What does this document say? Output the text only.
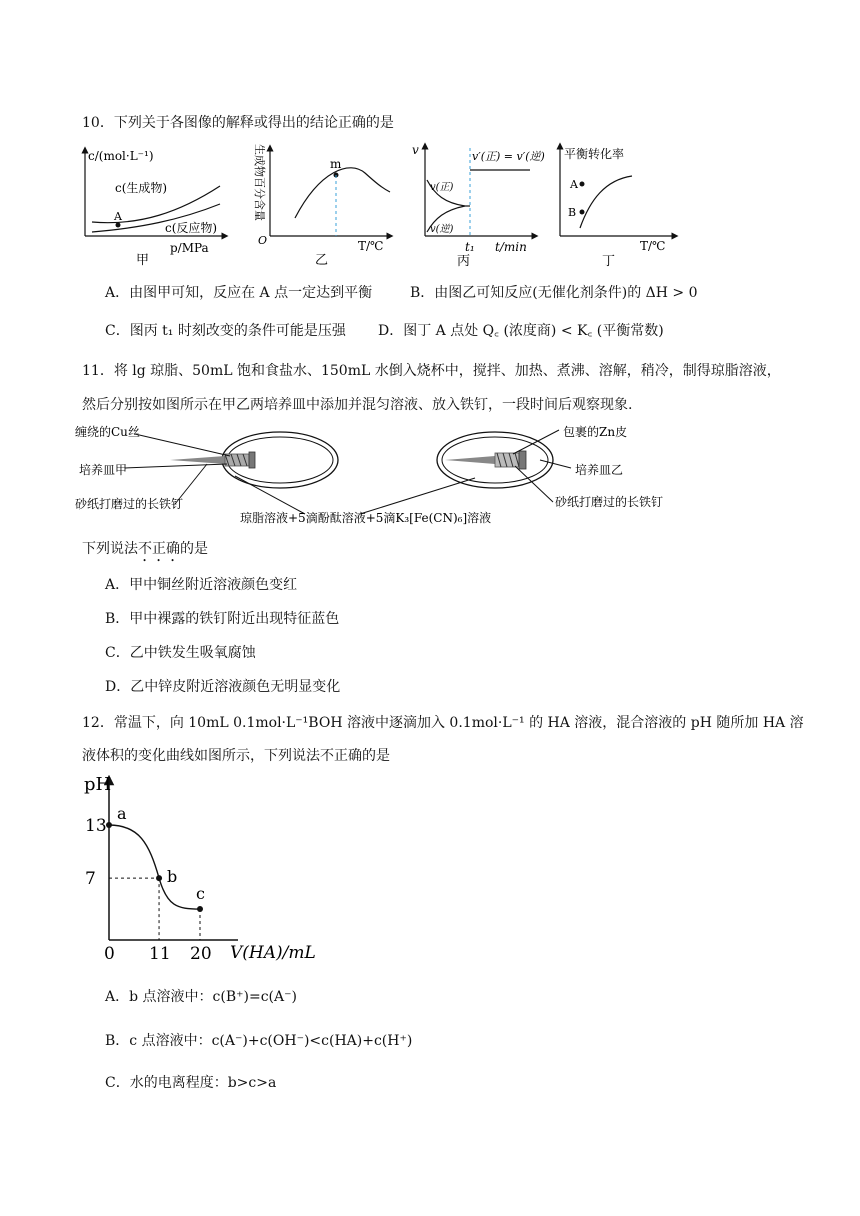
10．下列关于各图像的解释或得出的结论正确的是
c/(mol·L⁻¹)
c(生成物)
c(反应物)
A
p/MPa
甲
m
生成物百分含量
O	T/℃
乙
v	v′(正) = v′(逆)
v(正)
v(逆)
t₁ t/min
丙
平衡转化率
A
B
T/℃
丁
A．由图甲可知，反应在 A 点一定达到平衡	B．由图乙可知反应(无催化剂条件)的 ΔH > 0
C．图丙 t₁ 时刻改变的条件可能是压强 D．图丁 A 点处 Q꜀ (浓度商) < K꜀ (平衡常数)
11．将 lg 琼脂、50mL 饱和食盐水、150mL 水倒入烧杯中，搅拌、加热、煮沸、溶解，稍冷，制得琼脂溶液，
然后分别按如图所示在甲乙两培养皿中添加并混匀溶液、放入铁钉，一段时间后观察现象.
缠绕的Cu丝
培养皿甲
砂纸打磨过的长铁钉
包裹的Zn皮
培养皿乙
砂纸打磨过的长铁钉
琼脂溶液+5滴酚酞溶液+5滴K₃[Fe(CN)₆]溶液
下列说法不正确的是
A．甲中铜丝附近溶液颜色变红
B．甲中裸露的铁钉附近出现特征蓝色
C．乙中铁发生吸氧腐蚀
D．乙中锌皮附近溶液颜色无明显变化
12．常温下，向 10mL 0.1mol·L⁻¹BOH 溶液中逐滴加入 0.1mol·L⁻¹ 的 HA 溶液，混合溶液的 pH 随所加 HA 溶
液体积的变化曲线如图所示，下列说法不正确的是
pH
V(HA)/mL
a
b
c
13
7
0 11 20
A．b 点溶液中：c(B⁺)=c(A⁻)
B．c 点溶液中：c(A⁻)+c(OH⁻)<c(HA)+c(H⁺)
C．水的电离程度：b>c>a
